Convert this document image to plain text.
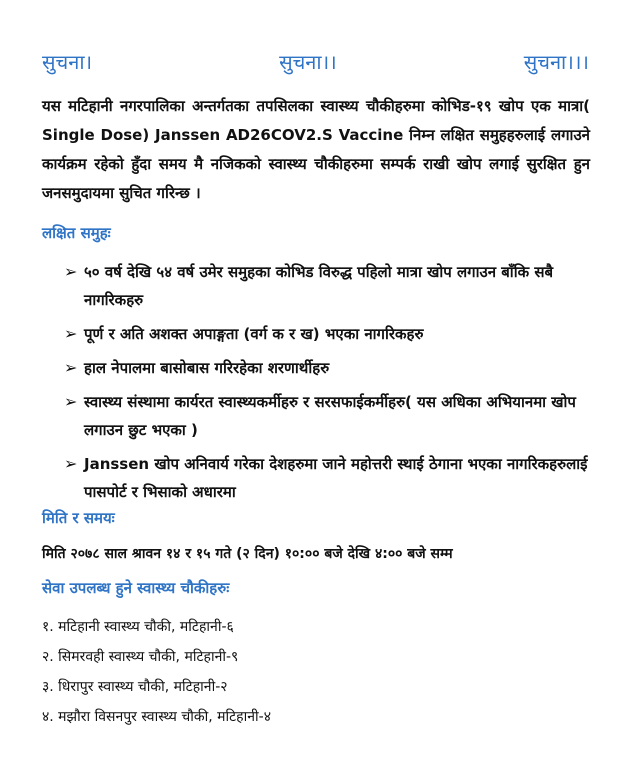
सुचना।	सुचना।।	सुचना।।।

यस मटिहानी नगरपालिका अन्तर्गतका तपसिलका स्वास्थ्य चौकीहरुमा कोभिड-१९ खोप एक मात्रा( Single Dose) Janssen AD26COV2.S Vaccine निम्न लक्षित समुहहरुलाई लगाउने कार्यक्रम रहेको हुँदा समय मै नजिकको स्वास्थ्य चौकीहरुमा सम्पर्क राखी खोप लगाई सुरक्षित हुन जनसमुदायमा सुचित गरिन्छ ।

लक्षित समुहः
➢ ५० वर्ष देखि ५४ वर्ष उमेर समुहका कोभिड विरुद्ध पहिलो मात्रा खोप लगाउन बाँकि सबै नागरिकहरु
➢ पूर्ण र अति अशक्त अपाङ्गता (वर्ग क र ख) भएका नागरिकहरु
➢ हाल नेपालमा बासोबास गरिरहेका शरणार्थीहरु
➢ स्वास्थ्य संस्थामा कार्यरत स्वास्थ्यकर्मीहरु र सरसफाईकर्मीहरु( यस अधिका अभियानमा खोप लगाउन छुट भएका )
➢ Janssen खोप अनिवार्य गरेका देशहरुमा जाने महोत्तरी स्थाई ठेगाना भएका नागरिकहरुलाई पासपोर्ट र भिसाको अधारमा
मिति र समयः
मिति २०७८ साल श्रावन १४ र १५ गते (२ दिन) १०:०० बजे देखि ४:०० बजे सम्म
सेवा उपलब्ध हुने स्वास्थ्य चौकीहरुः
१. मटिहानी स्वास्थ्य चौकी, मटिहानी-६
२. सिमरवही स्वास्थ्य चौकी, मटिहानी-९
३. धिरापुर स्वास्थ्य चौकी, मटिहानी-२
४. मझौरा विसनपुर स्वास्थ्य चौकी, मटिहानी-४
